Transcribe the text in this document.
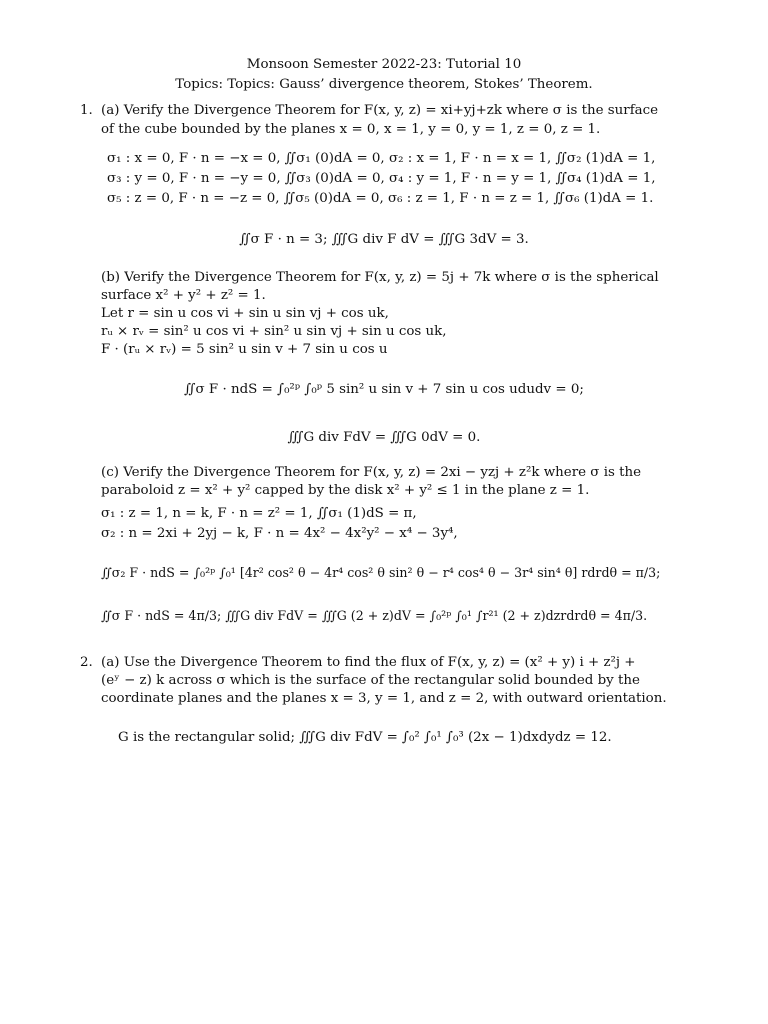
Monsoon Semester 2022-23: Tutorial 10
Topics: Topics: Gauss’ divergence theorem, Stokes’ Theorem.
1. (a) Verify the Divergence Theorem for F(x, y, z) = xi+yj+zk where σ is the surface
of the cube bounded by the planes x = 0, x = 1, y = 0, y = 1, z = 0, z = 1.
σ₁ : x = 0, F · n = −x = 0, ∬σ₁ (0)dA = 0, σ₂ : x = 1, F · n = x = 1, ∬σ₂ (1)dA = 1,
σ₃ : y = 0, F · n = −y = 0, ∬σ₃ (0)dA = 0, σ₄ : y = 1, F · n = y = 1, ∬σ₄ (1)dA = 1,
σ₅ : z = 0, F · n = −z = 0, ∬σ₅ (0)dA = 0, σ₆ : z = 1, F · n = z = 1, ∬σ₆ (1)dA = 1.
∬σ F · n = 3; ∭G div F dV = ∭G 3dV = 3.
(b) Verify the Divergence Theorem for F(x, y, z) = 5j + 7k where σ is the spherical
surface x² + y² + z² = 1.
Let r = sin u cos vi + sin u sin vj + cos uk,
rᵤ × rᵥ = sin² u cos vi + sin² u sin vj + sin u cos uk,
F · (rᵤ × rᵥ) = 5 sin² u sin v + 7 sin u cos u
∬σ F · ndS = ∫₀²ᵖ ∫₀ᵖ 5 sin² u sin v + 7 sin u cos ududv = 0;
∭G div FdV = ∭G 0dV = 0.
(c) Verify the Divergence Theorem for F(x, y, z) = 2xi − yzj + z²k where σ is the
paraboloid z = x² + y² capped by the disk x² + y² ≤ 1 in the plane z = 1.
σ₁ : z = 1, n = k, F · n = z² = 1, ∬σ₁ (1)dS = π,
σ₂ : n = 2xi + 2yj − k, F · n = 4x² − 4x²y² − x⁴ − 3y⁴,
∬σ₂ F · ndS = ∫₀²ᵖ ∫₀¹ [4r² cos² θ − 4r⁴ cos² θ sin² θ − r⁴ cos⁴ θ − 3r⁴ sin⁴ θ] rdrdθ = π/3;
∬σ F · ndS = 4π/3; ∭G div FdV = ∭G (2 + z)dV = ∫₀²ᵖ ∫₀¹ ∫r²¹ (2 + z)dzrdrdθ = 4π/3.
2. (a) Use the Divergence Theorem to find the flux of F(x, y, z) = (x² + y) i + z²j +
(eʸ − z) k across σ which is the surface of the rectangular solid bounded by the
coordinate planes and the planes x = 3, y = 1, and z = 2, with outward orientation.
G is the rectangular solid; ∭G div FdV = ∫₀² ∫₀¹ ∫₀³ (2x − 1)dxdydz = 12.
